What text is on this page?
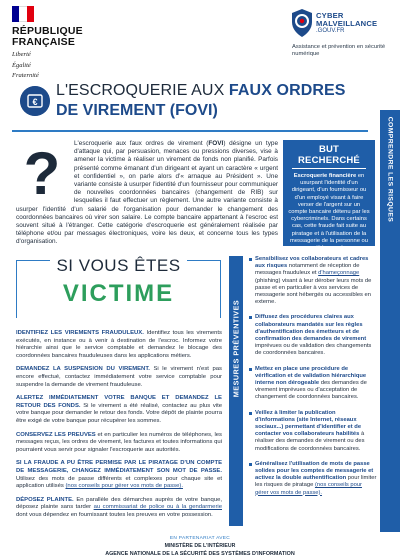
RÉPUBLIQUE
FRANÇAISE
Liberté
Égalité
Fraternité
CYBER
MALVEILLANCE
.GOUV.FR
Assistance et prévention en sécurité numérique
€
L'ESCROQUERIE AUX FAUX ORDRES
DE VIREMENT (FOVI)
COMPRENDRE LES RISQUES
?	L'escroquerie aux faux ordres de virement (FOVI) désigne un type d'attaque qui, par persuasion, menaces ou pressions diverses, vise à amener la victime à réaliser un virement de fonds non planifié. Parfois présenté comme émanant d'un dirigeant et ayant un caractère « urgent et confidentiel », on parle alors d'« arnaque au Président ». Une variante consiste à usurper l'identité d'un fournisseur pour communiquer de nouvelles coordonnées bancaires (changement de RIB) sur lesquelles il faut effectuer un règlement. Une autre variante consiste à usurper l'identité d'un salarié de l'organisation pour demander le changement des coordonnées bancaires où virer son salaire. Le compte bancaire appartenant à l'escroc est souvent situé à l'étranger. Cette catégorie d'escroquerie est généralement réalisée par téléphone et/ou par messages électroniques, voire les deux, et concerne tous les types d'organisation.

BUT RECHERCHÉ
Escroquerie financière en usurpant l'identité d'un dirigeant, d'un fournisseur ou d'un employé visant à faire verser de l'argent sur un compte bancaire détenu par les cybercriminels. Dans certains cas, cette fraude fait suite au piratage et à l'utilisation de la messagerie de la personne ou entité usurpée.
SI VOUS ÊTES
VICTIME
IDENTIFIEZ LES VIREMENTS FRAUDULEUX. Identifiez tous les virements exécutés, en instance ou à venir à destination de l'escroc. Informez votre hiérarchie ainsi que le service comptable et demandez le blocage des coordonnées bancaires frauduleuses dans les applications métiers.
DEMANDEZ LA SUSPENSION DU VIREMENT. Si le virement n'est pas encore effectué, contactez immédiatement votre service comptable pour suspendre la demande de virement frauduleuse.
ALERTEZ IMMÉDIATEMENT VOTRE BANQUE ET DEMANDEZ LE RETOUR DES FONDS. Si le virement a été réalisé, contactez au plus vite votre banque pour demander le retour des fonds. Votre dépôt de plainte pourra être exigé de votre banque pour récupérer les sommes.
CONSERVEZ LES PREUVES et en particulier les numéros de téléphones, les messages reçus, les ordres de virement, les factures et toutes informations qui pourraient vous servir pour signaler l'escroquerie aux autorités.
SI LA FRAUDE A PU ÊTRE PERMISE PAR LE PIRATAGE D'UN COMPTE DE MESSAGERIE, CHANGEZ IMMÉDIATEMENT SON MOT DE PASSE. Utilisez des mots de passe différents et complexes pour chaque site et application utilisés (nos conseils pour gérer vos mots de passe).
DÉPOSEZ PLAINTE. En parallèle des démarches auprès de votre banque, déposez plainte sans tarder au commissariat de police ou à la gendarmerie dont vous dépendez en fournissant toutes les preuves en votre possession.
MESURES PRÉVENTIVES
Sensibilisez vos collaborateurs et cadres aux risques notamment de réception de messages frauduleux et d'hameçonnage (phishing) visant à leur dérober leurs mots de passe et en particulier à vos services de messagerie sont hébergés ou accessibles en externe.
Diffusez des procédures claires aux collaborateurs mandatés sur les règles d'authentification des émetteurs et de confirmation des demandes de virement imprévues ou de validation des changements de coordonnées bancaires.
Mettez en place une procédure de vérification et de validation hiérarchique interne non dérogeable des demandes de virement imprévues ou d'acceptation de changement de coordonnées bancaires.
Veillez à limiter la publication d'informations (site Internet, réseaux sociaux...) permettant d'identifier et de contacter vos collaborateurs habilités à réaliser des demandes de virement ou des modifications de coordonnées bancaires.
Généralisez l'utilisation de mots de passe solides pour les comptes de messagerie et activez la double authentification pour limiter les risques de piratage (nos conseils pour gérer vos mots de passe).
EN PARTENARIAT AVEC
MINISTÈRE DE L'INTÉRIEUR
AGENCE NATIONALE DE LA SÉCURITÉ DES SYSTÈMES D'INFORMATION
